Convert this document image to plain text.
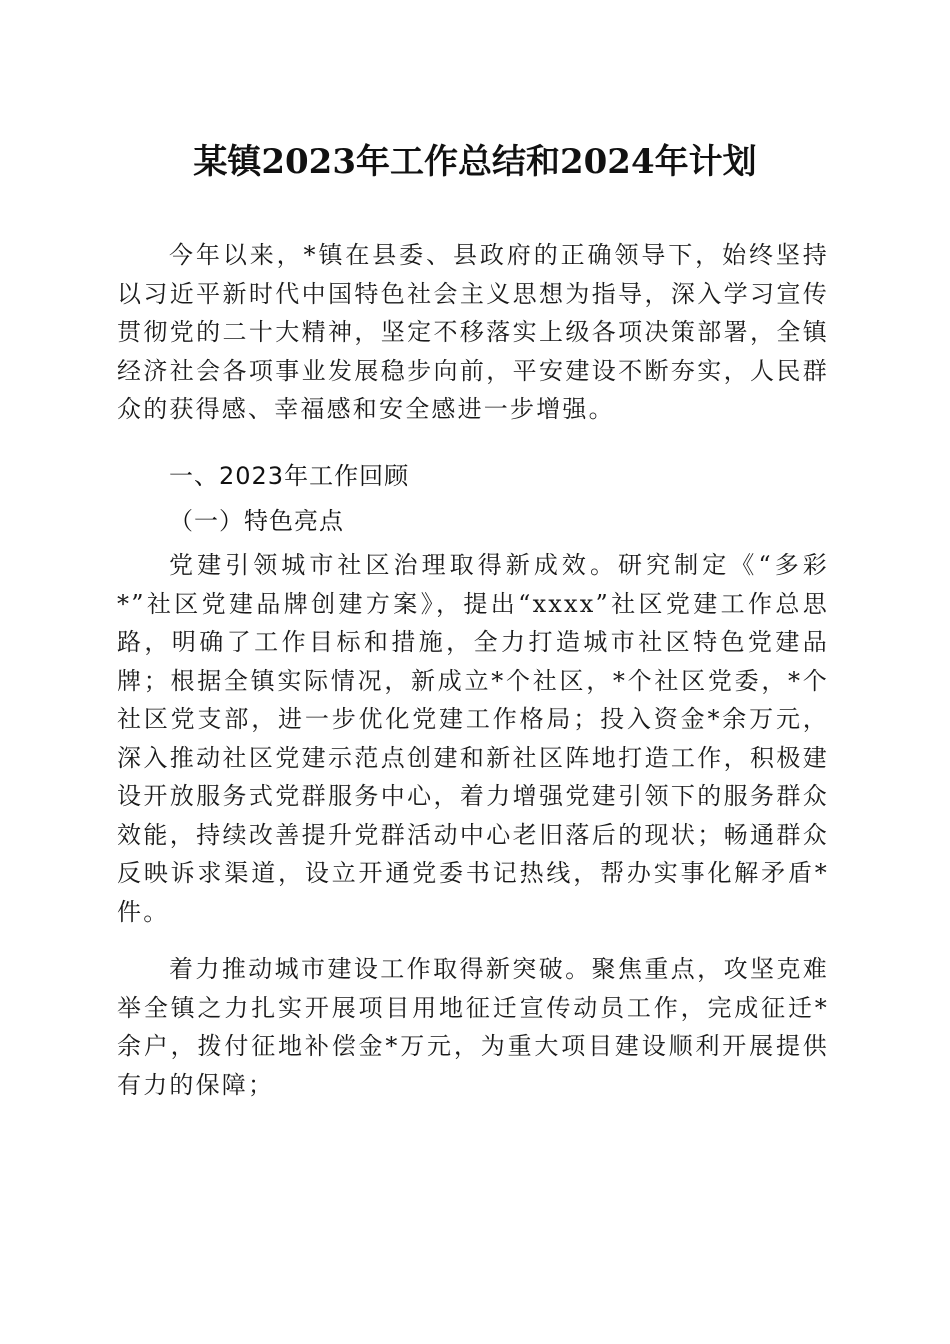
某镇2023年工作总结和2024年计划

今年以来，*镇在县委、县政府的正确领导下，始终坚持以习近平新时代中国特色社会主义思想为指导，深入学习宣传贯彻党的二十大精神，坚定不移落实上级各项决策部署，全镇经济社会各项事业发展稳步向前，平安建设不断夯实，人民群众的获得感、幸福感和安全感进一步增强。

一、2023年工作回顾

（一）特色亮点

党建引领城市社区治理取得新成效。研究制定《“多彩*”社区党建品牌创建方案》，提出“xxxx”社区党建工作总思路，明确了工作目标和措施，全力打造城市社区特色党建品牌；根据全镇实际情况，新成立*个社区，*个社区党委，*个社区党支部，进一步优化党建工作格局；投入资金*余万元，深入推动社区党建示范点创建和新社区阵地打造工作，积极建设开放服务式党群服务中心，着力增强党建引领下的服务群众效能，持续改善提升党群活动中心老旧落后的现状；畅通群众反映诉求渠道，设立开通党委书记热线，帮办实事化解矛盾*件。

着力推动城市建设工作取得新突破。聚焦重点，攻坚克难举全镇之力扎实开展项目用地征迁宣传动员工作，完成征迁*余户，拨付征地补偿金*万元，为重大项目建设顺利开展提供有力的保障；
